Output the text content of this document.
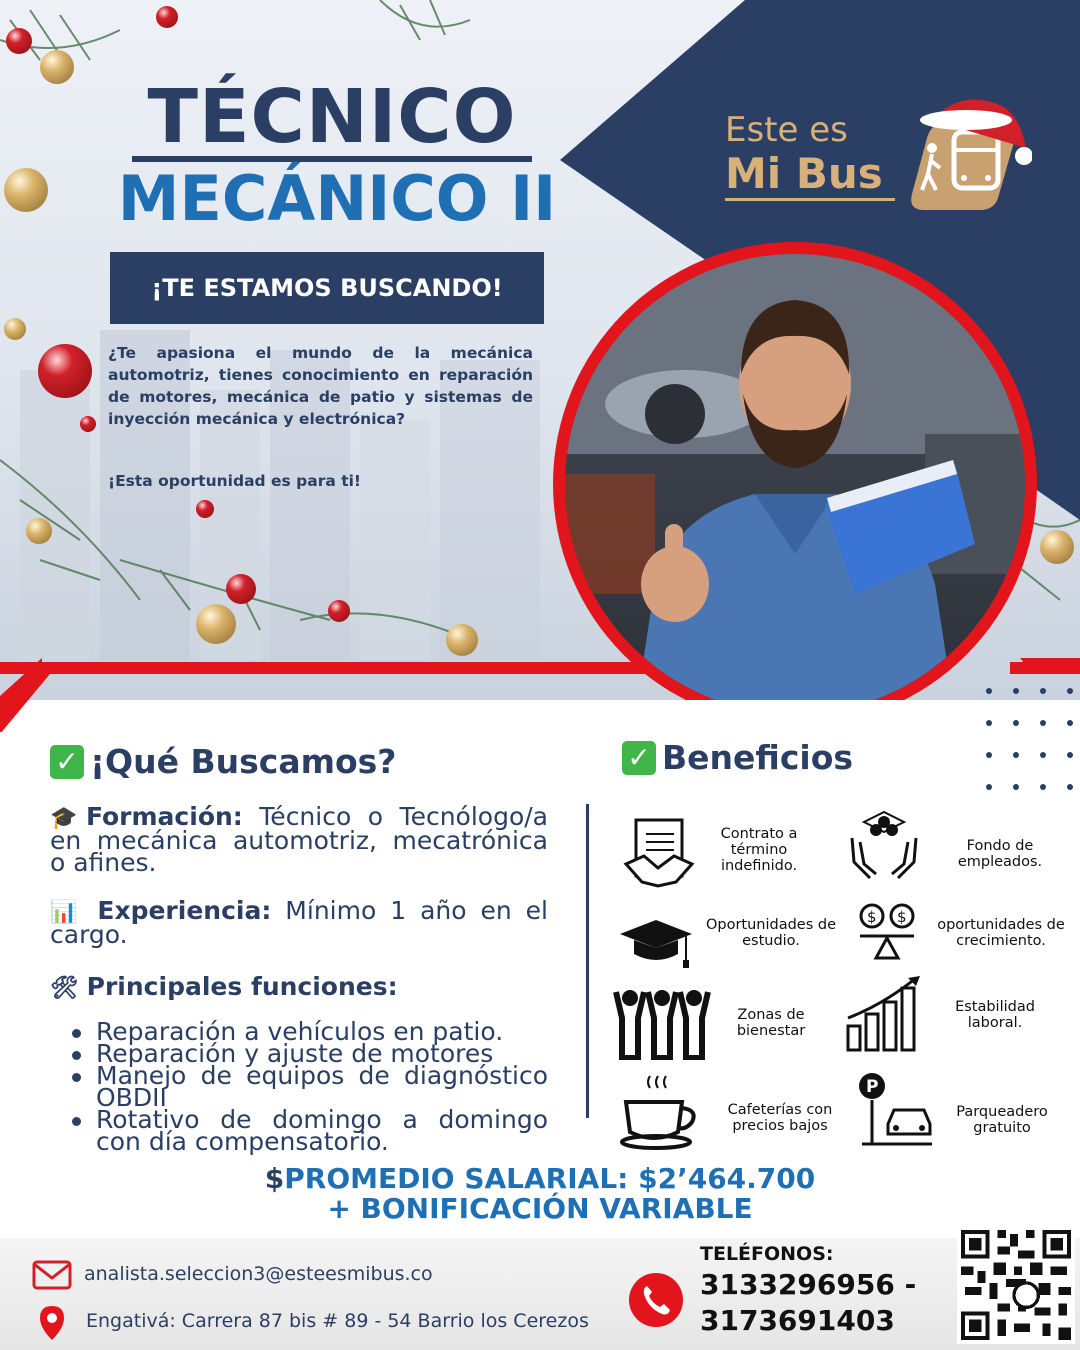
TÉCNICO
MECÁNICO II
¡TE ESTAMOS BUSCANDO!
¿Te apasiona el mundo de la mecánica automotriz, tienes conocimiento en reparación de motores, mecánica de patio y sistemas de inyección mecánica y electrónica?
¡Esta oportunidad es para ti!
Este es
Mi Bus
✓ ¡Qué Buscamos?
🎓Formación: Técnico o Tecnólogo/a en mecánica automotriz, mecatrónica o afines.
📊 Experiencia: Mínimo 1 año en el cargo.
🛠 Principales funciones:
Reparación a vehículos en patio.
Reparación y ajuste de motores
Manejo de equipos de diagnóstico OBDII
Rotativo de domingo a domingo con día compensatorio.
✓ Beneficios
$ $
P
Contrato a término indefinido.
Fondo de empleados.
Oportunidades de estudio.
oportunidades de crecimiento.
Zonas de bienestar
Estabilidad laboral.
Cafeterías con precios bajos
Parqueadero gratuito
$PROMEDIO SALARIAL: $2’464.700
+ BONIFICACIÓN VARIABLE
analista.seleccion3@esteesmibus.co
Engativá: Carrera 87 bis # 89 - 54 Barrio los Cerezos
TELÉFONOS:
3133296956 -
3173691403
